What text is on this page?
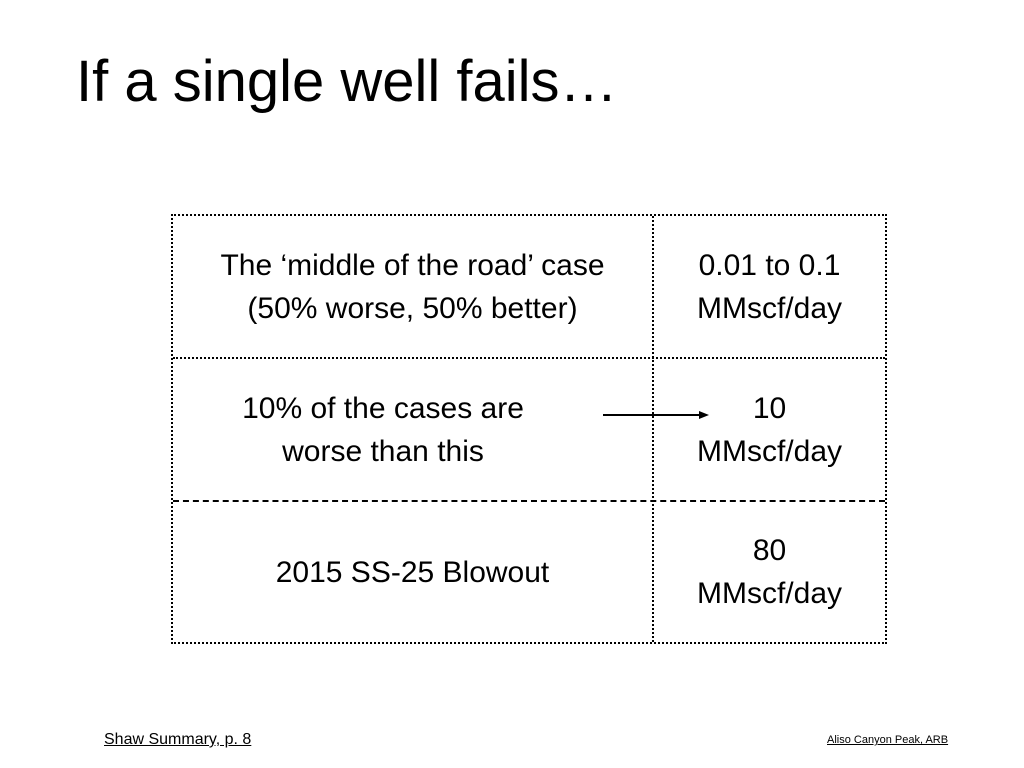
If a single well fails…
The ‘middle of the road’ case
(50% worse, 50% better)
0.01 to 0.1
MMscf/day
10% of the cases are
worse than this
10
MMscf/day
2015 SS-25 Blowout
80
MMscf/day
Shaw Summary, p. 8	Aliso Canyon Peak, ARB
